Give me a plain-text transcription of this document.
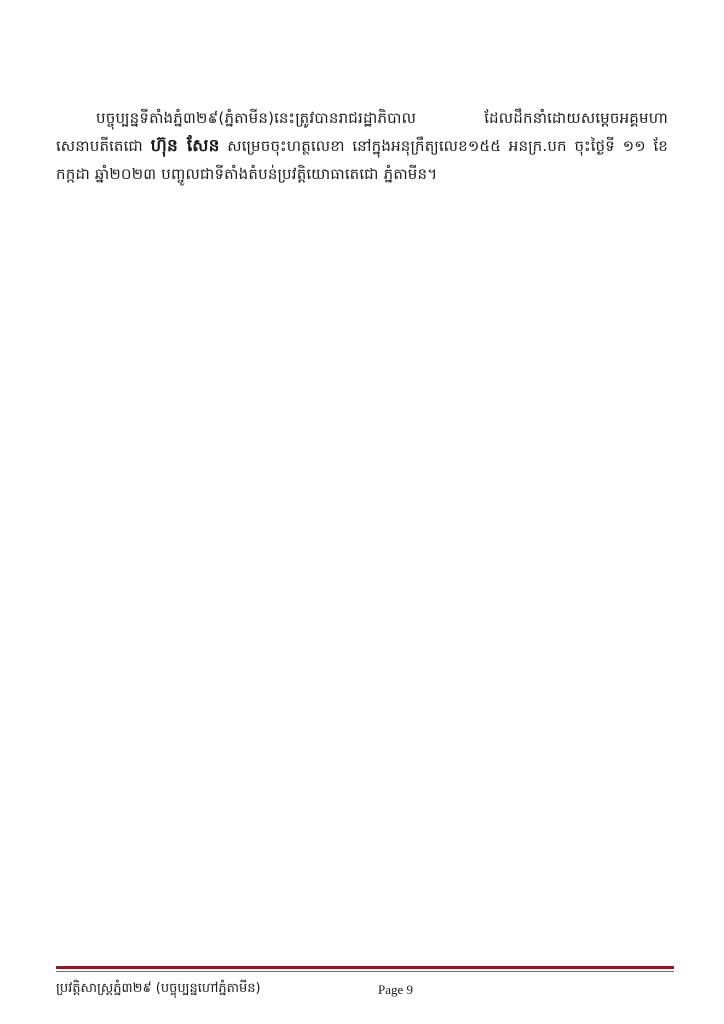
បច្ចុប្បន្នទីតាំងភ្នំ៣២៩(ភ្នំតាមីន)នេះត្រូវបានរាជរដ្ឋាភិបាល ដែលដឹកនាំដោយសម្តេចអគ្គមហាសេនាបតីតេជោ ហ៊ុន សែន សម្រេចចុះហត្ថលេខា នៅក្នុងអនុក្រឹត្យលេខ១៥៥ អនក្រ.បក ចុះថ្ងៃទី ១១ ខែកក្កដា ឆ្នាំ២០២៣ បញ្ចូលជាទីតាំងតំបន់ប្រវត្តិយោធាតេជោ ភ្នំតាមីន។

ប្រវត្តិសាស្ត្រភ្នំ៣២៩ (បច្ចុប្បន្នហៅភ្នំតាមីន)	Page 9
